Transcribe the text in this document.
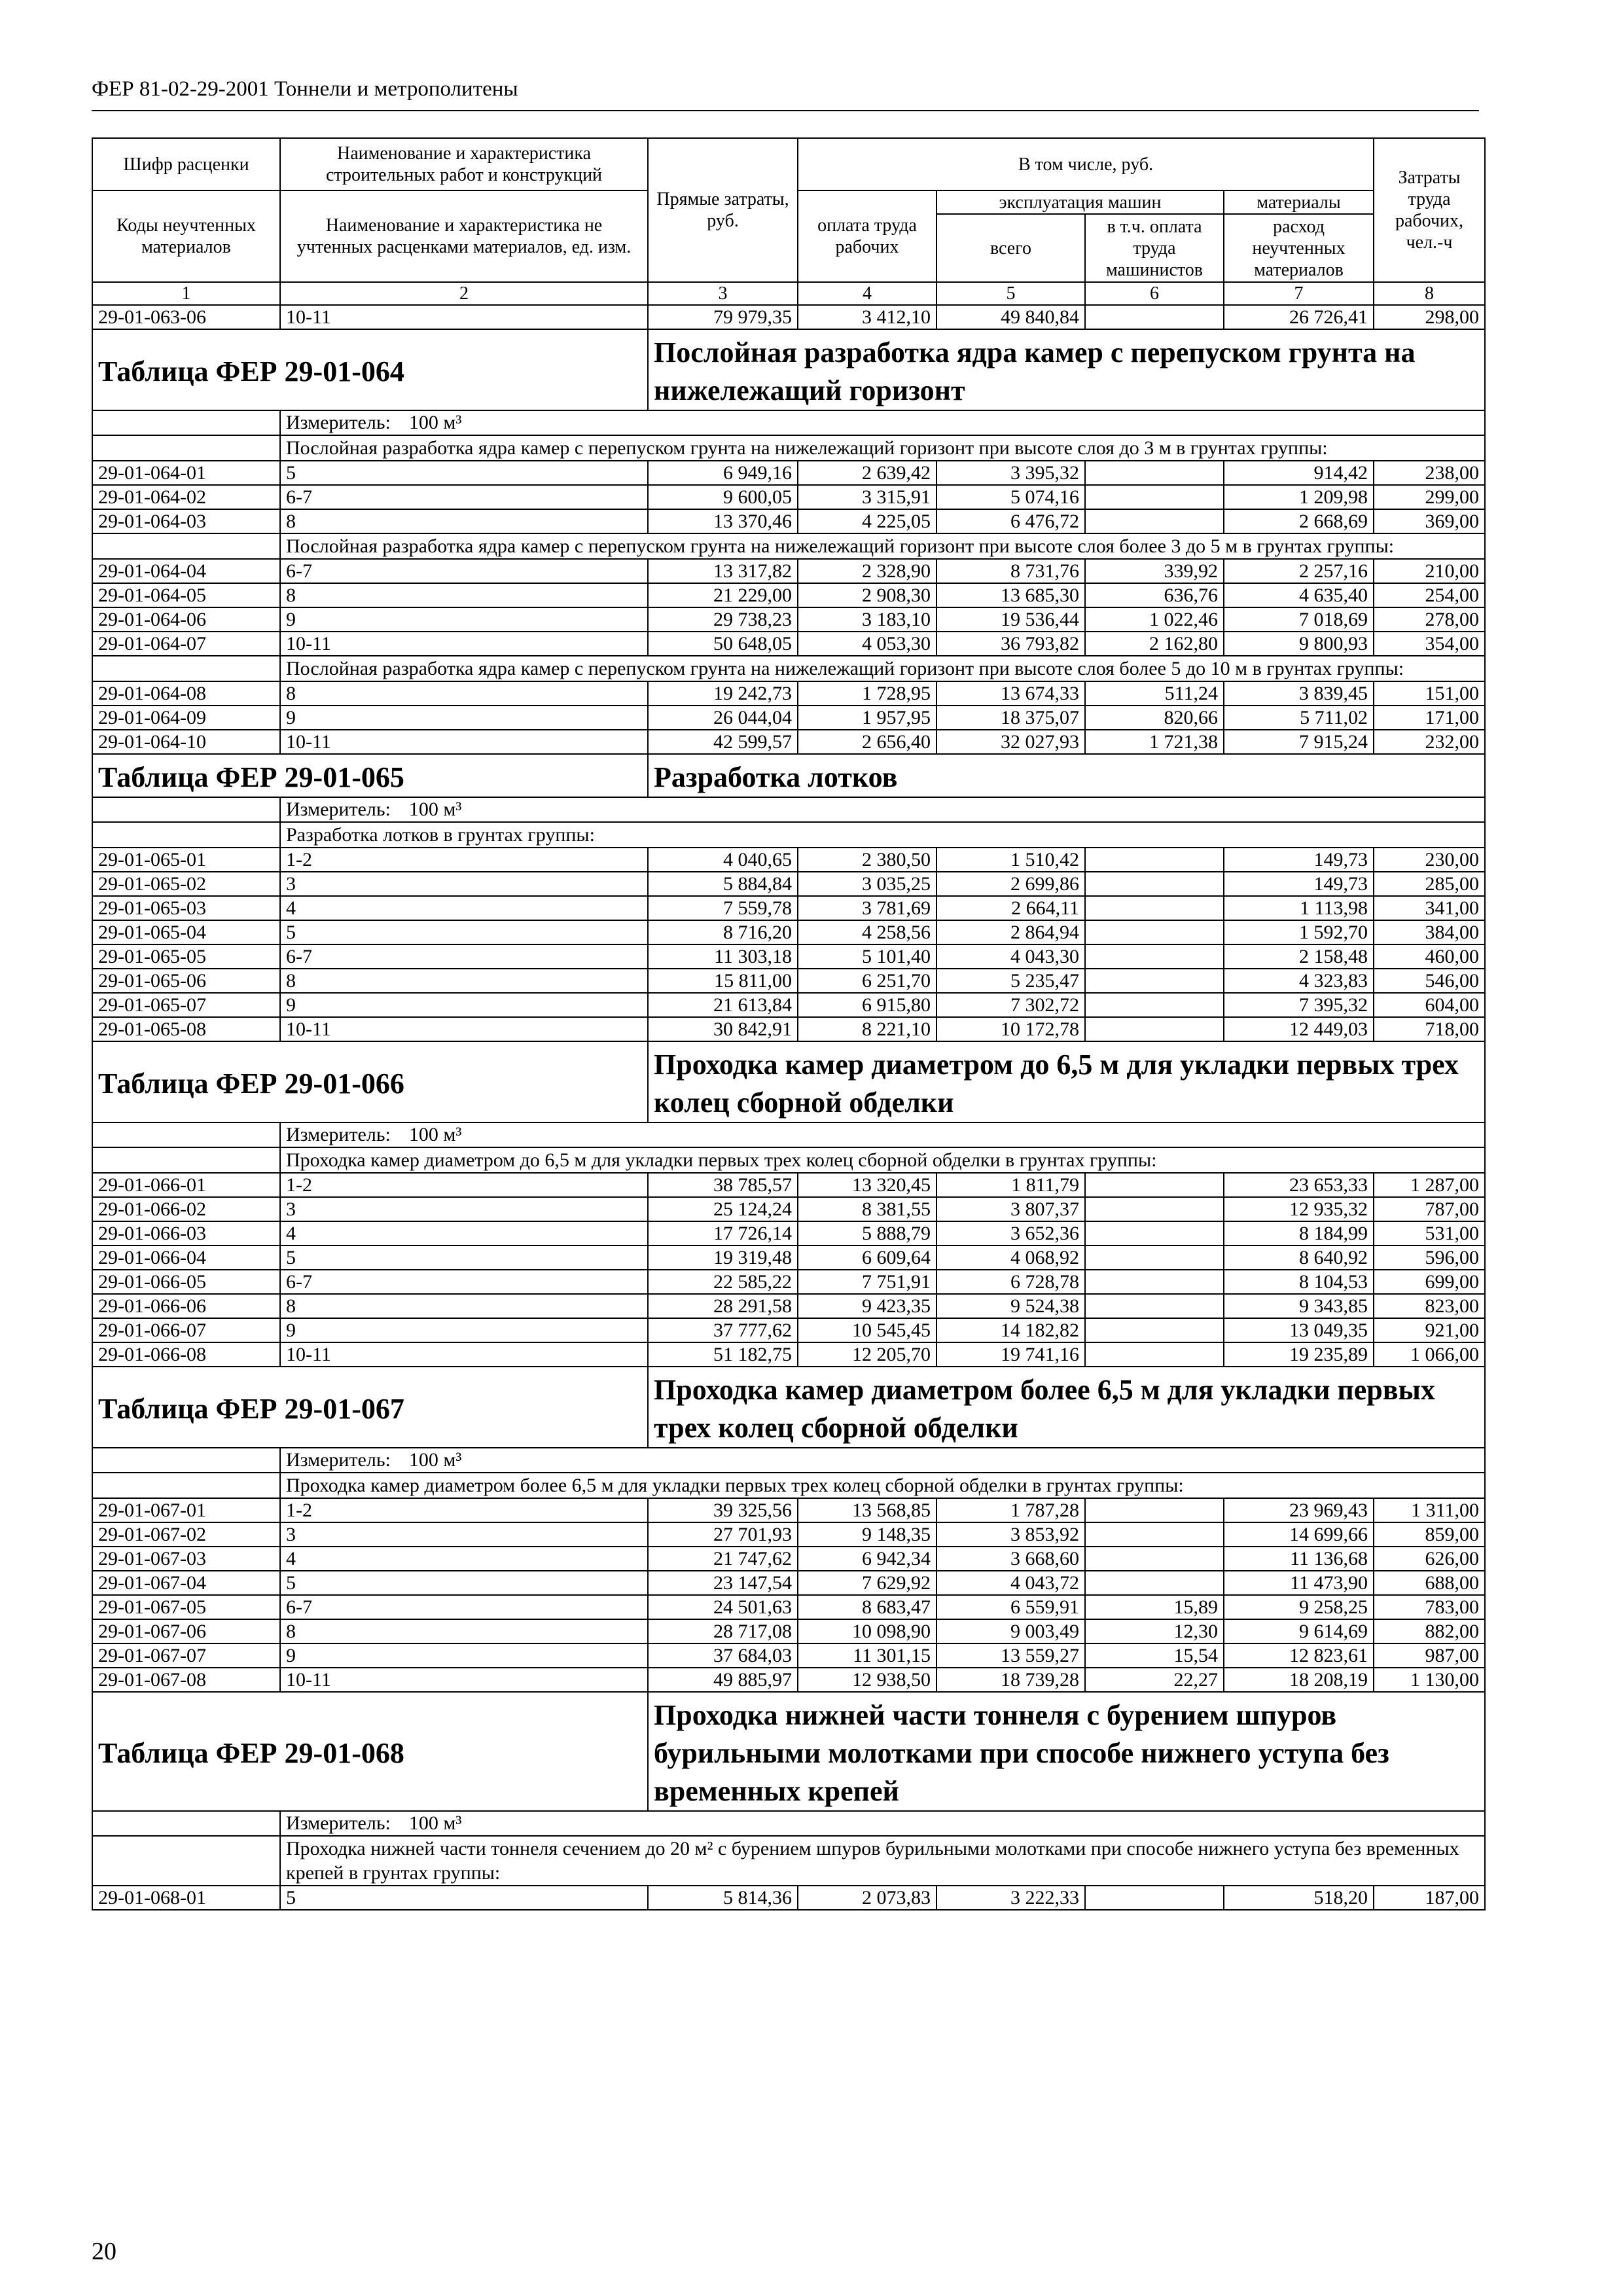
ФЕР 81-02-29-2001 Тоннели и метрополитены
Шифр расценки	Наименование и характеристика строительных работ и конструкций	Прямые затраты, руб.	В том числе, руб.				Затраты труда рабочих, чел.-ч
Коды неучтенных материалов	Наименование и характеристика не учтенных расценками материалов, ед. изм.		оплата труда рабочих	эксплуатация машин		материалы	
				всего	в т.ч. оплата труда машинистов	расход неучтенных материалов	
1	2	3	4	5	6	7	8
29-01-063-06	10-11	79 979,35	3 412,10	49 840,84		26 726,41	298,00
Таблица ФЕР 29-01-064		Послойная разработка ядра камер с перепуском грунта на нижележащий горизонт					
	Измеритель: 100 м³						
	Послойная разработка ядра камер с перепуском грунта на нижележащий горизонт при высоте слоя до 3 м в грунтах группы:						
29-01-064-01	5	6 949,16	2 639,42	3 395,32		914,42	238,00
29-01-064-02	6-7	9 600,05	3 315,91	5 074,16		1 209,98	299,00
29-01-064-03	8	13 370,46	4 225,05	6 476,72		2 668,69	369,00
	Послойная разработка ядра камер с перепуском грунта на нижележащий горизонт при высоте слоя более 3 до 5 м в грунтах группы:						
29-01-064-04	6-7	13 317,82	2 328,90	8 731,76	339,92	2 257,16	210,00
29-01-064-05	8	21 229,00	2 908,30	13 685,30	636,76	4 635,40	254,00
29-01-064-06	9	29 738,23	3 183,10	19 536,44	1 022,46	7 018,69	278,00
29-01-064-07	10-11	50 648,05	4 053,30	36 793,82	2 162,80	9 800,93	354,00
	Послойная разработка ядра камер с перепуском грунта на нижележащий горизонт при высоте слоя более 5 до 10 м в грунтах группы:						
29-01-064-08	8	19 242,73	1 728,95	13 674,33	511,24	3 839,45	151,00
29-01-064-09	9	26 044,04	1 957,95	18 375,07	820,66	5 711,02	171,00
29-01-064-10	10-11	42 599,57	2 656,40	32 027,93	1 721,38	7 915,24	232,00
Таблица ФЕР 29-01-065		Разработка лотков					
	Измеритель: 100 м³						
	Разработка лотков в грунтах группы:						
29-01-065-01	1-2	4 040,65	2 380,50	1 510,42		149,73	230,00
29-01-065-02	3	5 884,84	3 035,25	2 699,86		149,73	285,00
29-01-065-03	4	7 559,78	3 781,69	2 664,11		1 113,98	341,00
29-01-065-04	5	8 716,20	4 258,56	2 864,94		1 592,70	384,00
29-01-065-05	6-7	11 303,18	5 101,40	4 043,30		2 158,48	460,00
29-01-065-06	8	15 811,00	6 251,70	5 235,47		4 323,83	546,00
29-01-065-07	9	21 613,84	6 915,80	7 302,72		7 395,32	604,00
29-01-065-08	10-11	30 842,91	8 221,10	10 172,78		12 449,03	718,00
Таблица ФЕР 29-01-066		Проходка камер диаметром до 6,5 м для укладки первых трех колец сборной обделки					
	Измеритель: 100 м³						
	Проходка камер диаметром до 6,5 м для укладки первых трех колец сборной обделки в грунтах группы:						
29-01-066-01	1-2	38 785,57	13 320,45	1 811,79		23 653,33	1 287,00
29-01-066-02	3	25 124,24	8 381,55	3 807,37		12 935,32	787,00
29-01-066-03	4	17 726,14	5 888,79	3 652,36		8 184,99	531,00
29-01-066-04	5	19 319,48	6 609,64	4 068,92		8 640,92	596,00
29-01-066-05	6-7	22 585,22	7 751,91	6 728,78		8 104,53	699,00
29-01-066-06	8	28 291,58	9 423,35	9 524,38		9 343,85	823,00
29-01-066-07	9	37 777,62	10 545,45	14 182,82		13 049,35	921,00
29-01-066-08	10-11	51 182,75	12 205,70	19 741,16		19 235,89	1 066,00
Таблица ФЕР 29-01-067		Проходка камер диаметром более 6,5 м для укладки первых трех колец сборной обделки					
	Измеритель: 100 м³						
	Проходка камер диаметром более 6,5 м для укладки первых трех колец сборной обделки в грунтах группы:						
29-01-067-01	1-2	39 325,56	13 568,85	1 787,28		23 969,43	1 311,00
29-01-067-02	3	27 701,93	9 148,35	3 853,92		14 699,66	859,00
29-01-067-03	4	21 747,62	6 942,34	3 668,60		11 136,68	626,00
29-01-067-04	5	23 147,54	7 629,92	4 043,72		11 473,90	688,00
29-01-067-05	6-7	24 501,63	8 683,47	6 559,91	15,89	9 258,25	783,00
29-01-067-06	8	28 717,08	10 098,90	9 003,49	12,30	9 614,69	882,00
29-01-067-07	9	37 684,03	11 301,15	13 559,27	15,54	12 823,61	987,00
29-01-067-08	10-11	49 885,97	12 938,50	18 739,28	22,27	18 208,19	1 130,00
Таблица ФЕР 29-01-068		Проходка нижней части тоннеля с бурением шпуров бурильными молотками при способе нижнего уступа без временных крепей					
	Измеритель: 100 м³						
	Проходка нижней части тоннеля сечением до 20 м² с бурением шпуров бурильными молотками при способе нижнего уступа без временных крепей в грунтах группы:						
29-01-068-01	5	5 814,36	2 073,83	3 222,33		518,20	187,00
20
